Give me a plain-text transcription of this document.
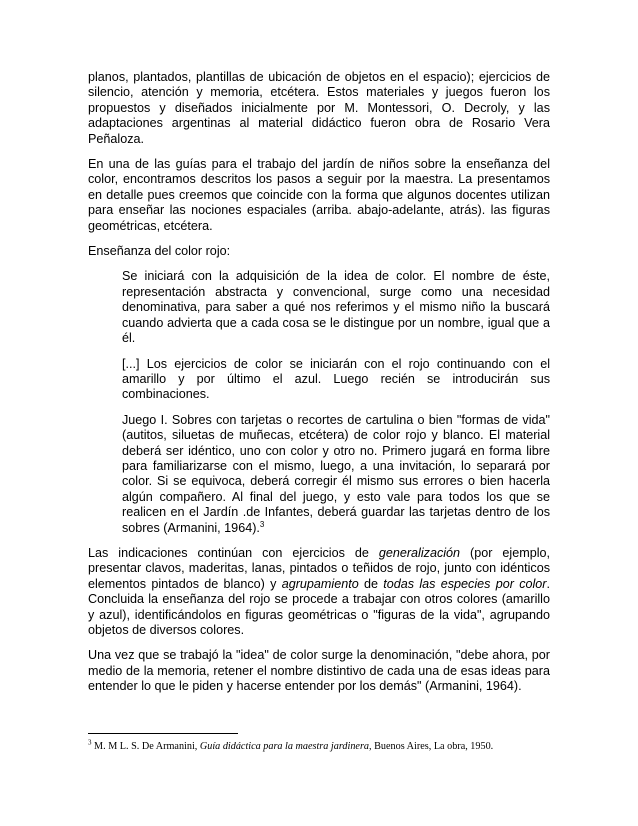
planos, plantados, plantillas de ubicación de objetos en el espacio); ejercicios de silencio, atención y memoria, etcétera. Estos materiales y juegos fueron los propuestos y diseñados inicialmente por M. Montessori, O. Decroly, y las adaptaciones argentinas al material didáctico fueron obra de Rosario Vera Peñaloza.

En una de las guías para el trabajo del jardín de niños sobre la enseñanza del color, encontramos descritos los pasos a seguir por la maestra. La presentamos en detalle pues creemos que coincide con la forma que algunos docentes utilizan para enseñar las nociones espaciales (arriba. abajo-adelante, atrás). las figuras geométricas, etcétera.

Enseñanza del color rojo:

Se iniciará con la adquisición de la idea de color. El nombre de éste, representación abstracta y convencional, surge como una necesidad denominativa, para saber a qué nos referimos y el mismo niño la buscará cuando advierta que a cada cosa se le distingue por un nombre, igual que a él.

[...] Los ejercicios de color se iniciarán con el rojo continuando con el amarillo y por último el azul. Luego recién se introducirán sus combinaciones.

Juego I. Sobres con tarjetas o recortes de cartulina o bien "formas de vida" (autitos, siluetas de muñecas, etcétera) de color rojo y blanco. El material deberá ser idéntico, uno con color y otro no. Primero jugará en forma libre para familiarizarse con el mismo, luego, a una invitación, lo separará por color. Si se equivoca, deberá corregir él mismo sus errores o bien hacerla algún compañero. Al final del juego, y esto vale para todos los que se realicen en el Jardín .de Infantes, deberá guardar las tarjetas dentro de los sobres (Armanini, 1964).$^3$

Las indicaciones continúan con ejercicios de generalización (por ejemplo, presentar clavos, maderitas, lanas, pintados o teñidos de rojo, junto con idénticos elementos pintados de blanco) y agrupamiento de todas las especies por color. Concluida la enseñanza del rojo se procede a trabajar con otros colores (amarillo y azul), identificándolos en figuras geométricas o "figuras de la vida", agrupando objetos de diversos colores.

Una vez que se trabajó la "idea" de color surge la denominación, "debe ahora, por medio de la memoria, retener el nombre distintivo de cada una de esas ideas para entender lo que le piden y hacerse entender por los demás" (Armanini, 1964).

$^3$ M. M L. S. De Armanini, Guía didáctica para la maestra jardinera, Buenos Aires, La obra, 1950.
